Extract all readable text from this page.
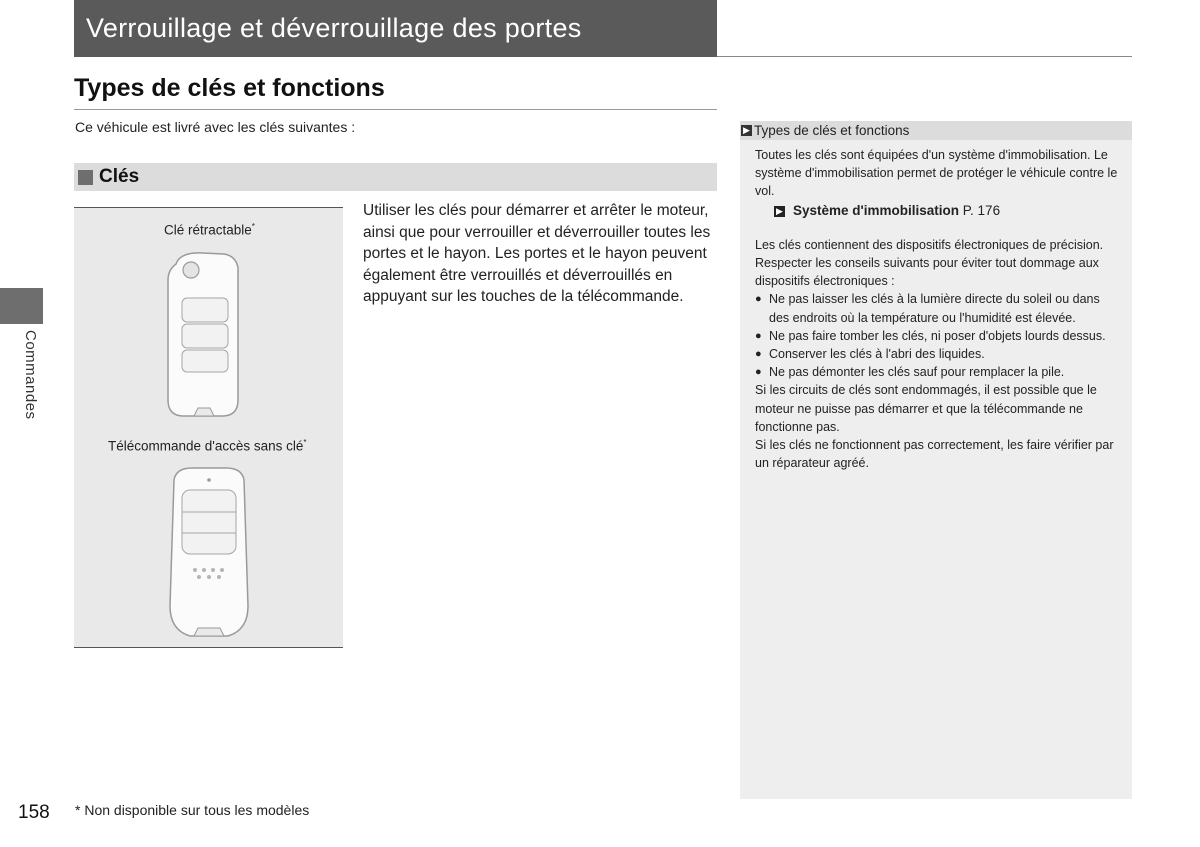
Verrouillage et déverrouillage des portes
Types de clés et fonctions
Ce véhicule est livré avec les clés suivantes :
Clés
Clé rétractable*
Télécommande d'accès sans clé*
Utiliser les clés pour démarrer et arrêter le moteur, ainsi que pour verrouiller et déverrouiller toutes les portes et le hayon. Les portes et le hayon peuvent également être verrouillés et déverrouillés en appuyant sur les touches de la télécommande.
Commandes
▶ Types de clés et fonctions

Toutes les clés sont équipées d'un système d'immobilisation. Le système d'immobilisation permet de protéger le véhicule contre le vol.

▶ Système d'immobilisation P. 176

Les clés contiennent des dispositifs électroniques de précision.

Respecter les conseils suivants pour éviter tout dommage aux dispositifs électroniques :

● Ne pas laisser les clés à la lumière directe du soleil ou dans des endroits où la température ou l'humidité est élevée.
● Ne pas faire tomber les clés, ni poser d'objets lourds dessus.
● Conserver les clés à l'abri des liquides.
● Ne pas démonter les clés sauf pour remplacer la pile.

Si les circuits de clés sont endommagés, il est possible que le moteur ne puisse pas démarrer et que la télécommande ne fonctionne pas.

Si les clés ne fonctionnent pas correctement, les faire vérifier par un réparateur agréé.

158 * Non disponible sur tous les modèles
